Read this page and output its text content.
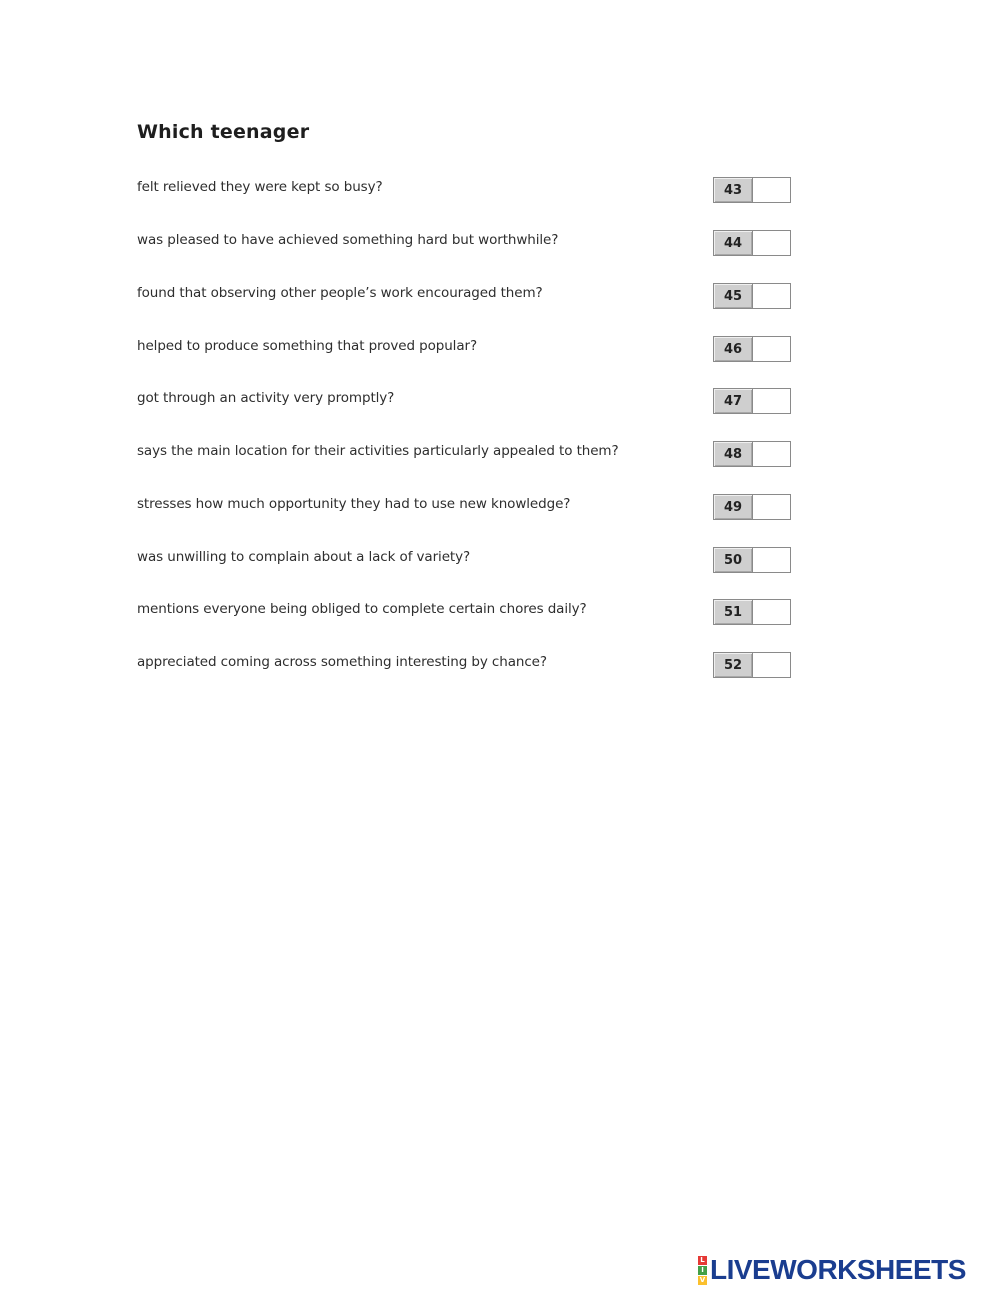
Which teenager
felt relieved they were kept so busy?	43
was pleased to have achieved something hard but worthwhile?	44
found that observing other people’s work encouraged them?	45
helped to produce something that proved popular?	46
got through an activity very promptly?	47
says the main location for their activities particularly appealed to them?	48
stresses how much opportunity they had to use new knowledge?	49
was unwilling to complain about a lack of variety?	50
mentions everyone being obliged to complete certain chores daily?	51
appreciated coming across something interesting by chance?	52
L
I
V LIVEWORKSHEETS
